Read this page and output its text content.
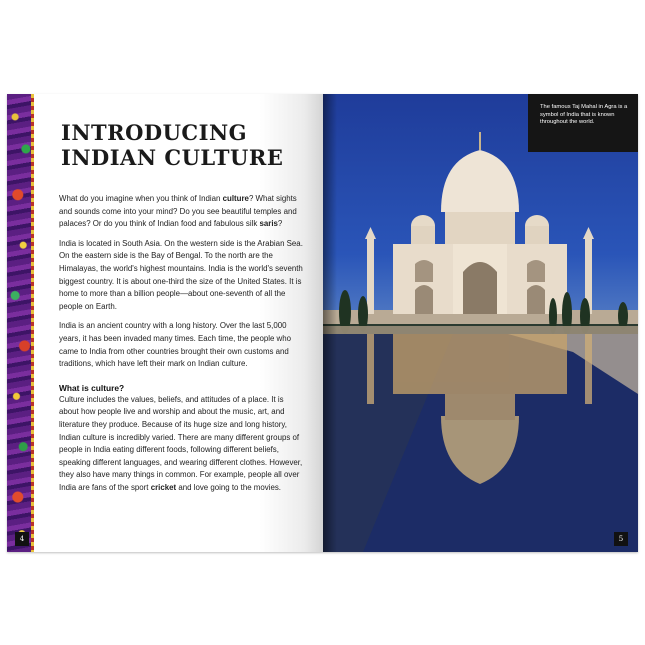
INTRODUCING
INDIAN CULTURE

What do you imagine when you think of Indian culture? What sights and sounds come into your mind? Do you see beautiful temples and palaces? Or do you think of Indian food and fabulous silk saris?

India is located in South Asia. On the western side is the Arabian Sea. On the eastern side is the Bay of Bengal. To the north are the Himalayas, the world's highest mountains. India is the world's seventh biggest country. It is about one-third the size of the United States. It is home to more than a billion people—about one-seventh of all the people on Earth.

India is an ancient country with a long history. Over the last 5,000 years, it has been invaded many times. Each time, the people who came to India from other countries brought their own customs and traditions, which have left their mark on Indian culture.

What is culture?

Culture includes the values, beliefs, and attitudes of a place. It is about how people live and worship and about the music, art, and literature they produce. Because of its huge size and long history, Indian culture is incredibly varied. There are many different groups of people in India eating different foods, following different beliefs, speaking different languages, and wearing different clothes. However, they also have many things in common. For example, people all over India are fans of the sport cricket and love going to the movies.

4
The famous Taj Mahal in Agra is a symbol of India that is known throughout the world.
5
